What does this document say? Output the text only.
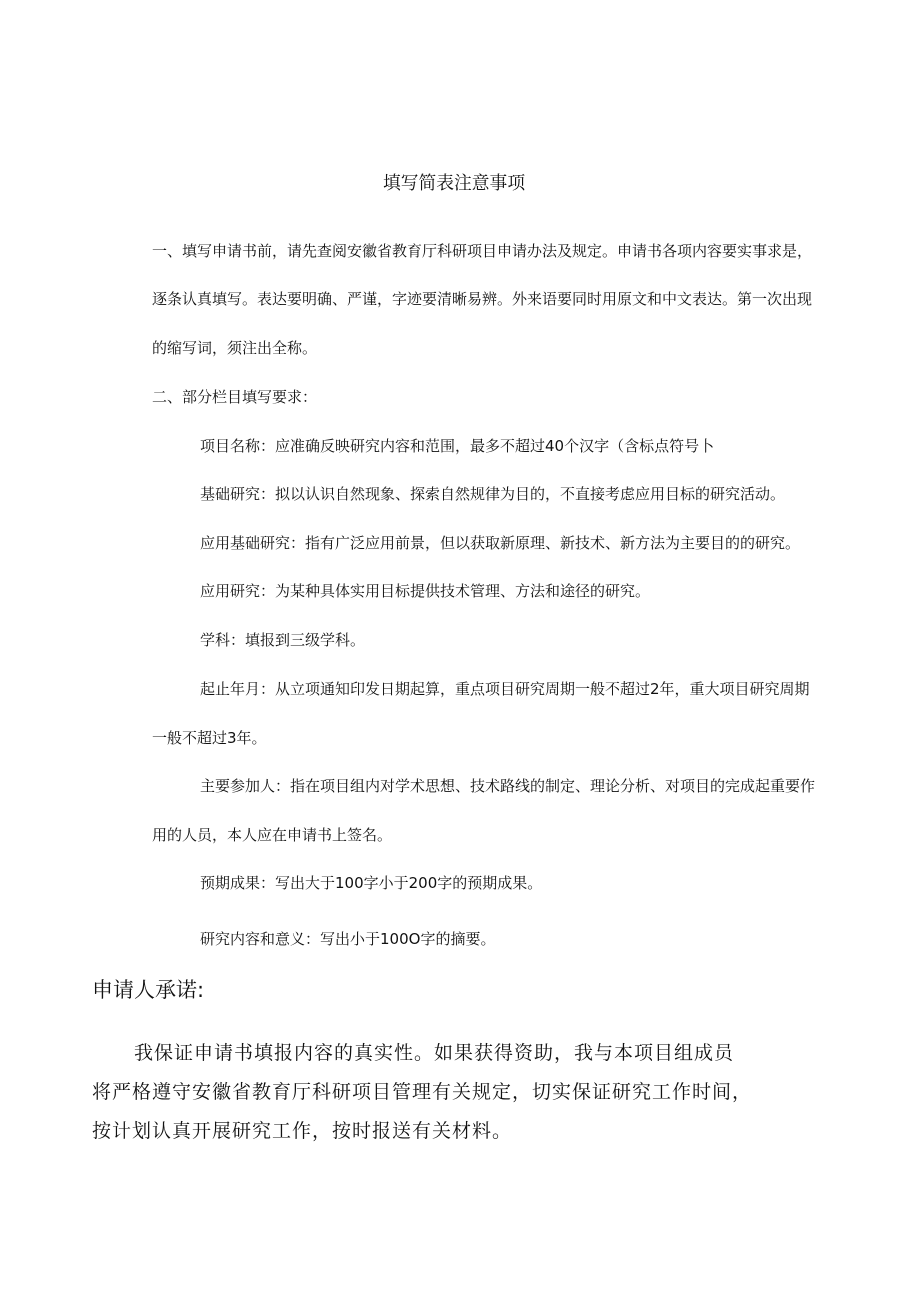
填写简表注意事项
一、填写申请书前，请先查阅安徽省教育厅科研项目申请办法及规定。申请书各项内容要实事求是，
逐条认真填写。表达要明确、严谨，字迹要清晰易辨。外来语要同时用原文和中文表达。第一次出现
的缩写词，须注出全称。
二、部分栏目填写要求：
项目名称：应准确反映研究内容和范围，最多不超过40个汉字（含标点符号卜
基础研究：拟以认识自然现象、探索自然规律为目的，不直接考虑应用目标的研究活动。
应用基础研究：指有广泛应用前景，但以获取新原理、新技术、新方法为主要目的的研究。
应用研究：为某种具体实用目标提供技术管理、方法和途径的研究。
学科：填报到三级学科。
起止年月：从立项通知印发日期起算，重点项目研究周期一般不超过2年，重大项目研究周期
一般不超过3年。
主要参加人：指在项目组内对学术思想、技术路线的制定、理论分析、对项目的完成起重要作
用的人员，本人应在申请书上签名。
预期成果：写出大于100字小于200字的预期成果。
研究内容和意义：写出小于100O字的摘要。
申请人承诺:
我保证申请书填报内容的真实性。如果获得资助，我与本项目组成员
将严格遵守安徽省教育厅科研项目管理有关规定，切实保证研究工作时间，
按计划认真开展研究工作，按时报送有关材料。
